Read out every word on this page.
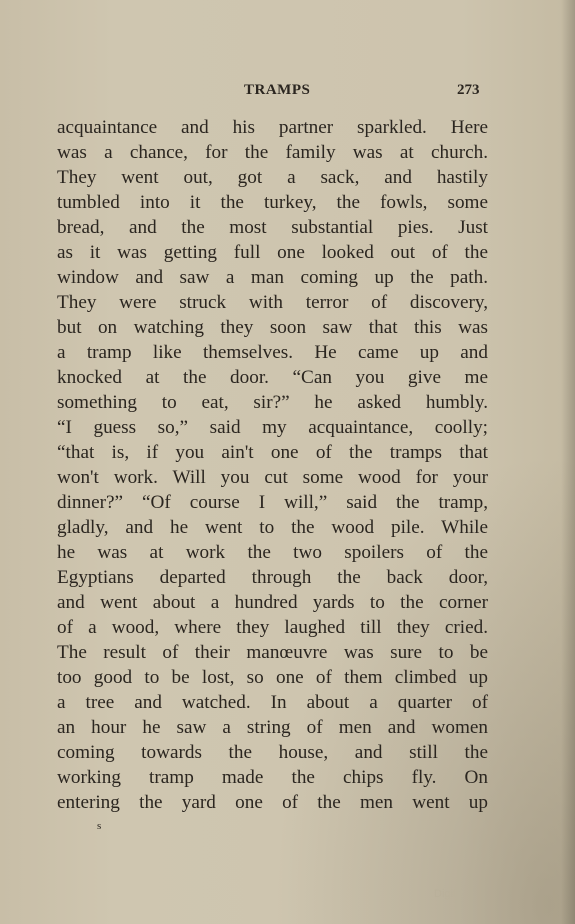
TRAMPS	273
acquaintance and his partner sparkled. Here
was a chance, for the family was at church.
They went out, got a sack, and hastily
tumbled into it the turkey, the fowls, some
bread, and the most substantial pies. Just
as it was getting full one looked out of the
window and saw a man coming up the path.
They were struck with terror of discovery,
but on watching they soon saw that this was
a tramp like themselves. He came up and
knocked at the door. “Can you give me
something to eat, sir?” he asked humbly.
“I guess so,” said my acquaintance, coolly;
“that is, if you ain't one of the tramps that
won't work. Will you cut some wood for your
dinner?” “Of course I will,” said the tramp,
gladly, and he went to the wood pile. While
he was at work the two spoilers of the
Egyptians departed through the back door,
and went about a hundred yards to the corner
of a wood, where they laughed till they cried.
The result of their manœuvre was sure to be
too good to be lost, so one of them climbed up
a tree and watched. In about a quarter of
an hour he saw a string of men and women
coming towards the house, and still the
working tramp made the chips fly. On
entering the yard one of the men went up
s
Digitiz
